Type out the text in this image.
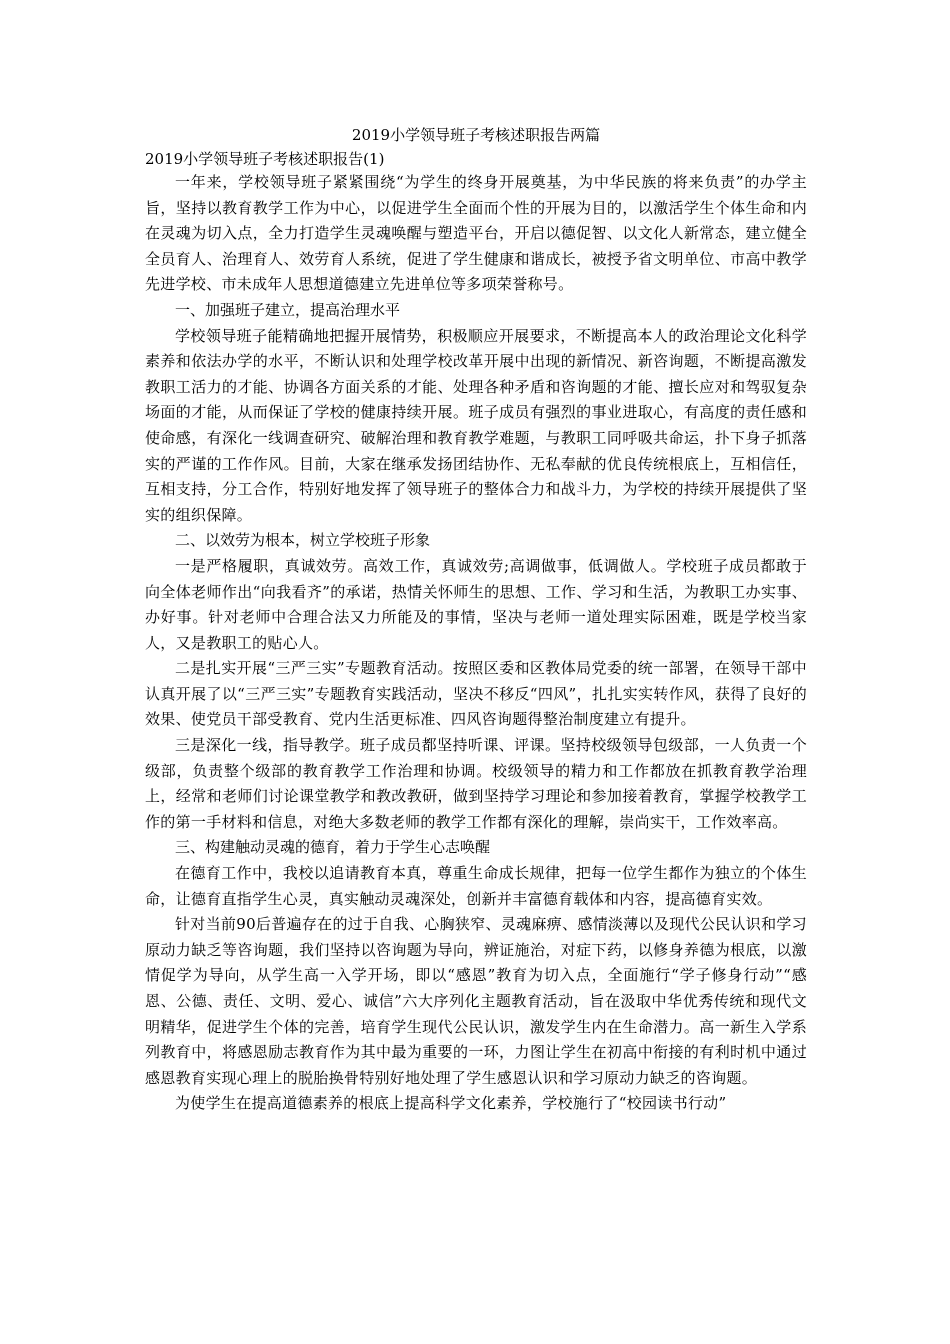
2019小学领导班子考核述职报告两篇
2019小学领导班子考核述职报告(1)

一年来，学校领导班子紧紧围绕“为学生的终身开展奠基，为中华民族的将来负责”的办学主旨，坚持以教育教学工作为中心，以促进学生全面而个性的开展为目的，以激活学生个体生命和内在灵魂为切入点，全力打造学生灵魂唤醒与塑造平台，开启以德促智、以文化人新常态，建立健全全员育人、治理育人、效劳育人系统，促进了学生健康和谐成长，被授予省文明单位、市高中教学先进学校、市未成年人思想道德建立先进单位等多项荣誉称号。

一、加强班子建立，提高治理水平

学校领导班子能精确地把握开展情势，积极顺应开展要求，不断提高本人的政治理论文化科学素养和依法办学的水平，不断认识和处理学校改革开展中出现的新情况、新咨询题，不断提高激发教职工活力的才能、协调各方面关系的才能、处理各种矛盾和咨询题的才能、擅长应对和驾驭复杂场面的才能，从而保证了学校的健康持续开展。班子成员有强烈的事业进取心，有高度的责任感和使命感，有深化一线调查研究、破解治理和教育教学难题，与教职工同呼吸共命运，扑下身子抓落实的严谨的工作作风。目前，大家在继承发扬团结协作、无私奉献的优良传统根底上，互相信任，互相支持，分工合作，特别好地发挥了领导班子的整体合力和战斗力，为学校的持续开展提供了坚实的组织保障。

二、以效劳为根本，树立学校班子形象

一是严格履职，真诚效劳。高效工作，真诚效劳;高调做事，低调做人。学校班子成员都敢于向全体老师作出“向我看齐”的承诺，热情关怀师生的思想、工作、学习和生活，为教职工办实事、办好事。针对老师中合理合法又力所能及的事情，坚决与老师一道处理实际困难，既是学校当家人，又是教职工的贴心人。

二是扎实开展“三严三实”专题教育活动。按照区委和区教体局党委的统一部署，在领导干部中认真开展了以“三严三实”专题教育实践活动，坚决不移反“四风”，扎扎实实转作风，获得了良好的效果、使党员干部受教育、党内生活更标准、四风咨询题得整治制度建立有提升。

三是深化一线，指导教学。班子成员都坚持听课、评课。坚持校级领导包级部，一人负责一个级部，负责整个级部的教育教学工作治理和协调。校级领导的精力和工作都放在抓教育教学治理上，经常和老师们讨论课堂教学和教改教研，做到坚持学习理论和参加接着教育，掌握学校教学工作的第一手材料和信息，对绝大多数老师的教学工作都有深化的理解，崇尚实干，工作效率高。

三、构建触动灵魂的德育，着力于学生心志唤醒

在德育工作中，我校以追请教育本真，尊重生命成长规律，把每一位学生都作为独立的个体生命，让德育直指学生心灵，真实触动灵魂深处，创新并丰富德育载体和内容，提高德育实效。

针对当前90后普遍存在的过于自我、心胸狭窄、灵魂麻痹、感情淡薄以及现代公民认识和学习原动力缺乏等咨询题，我们坚持以咨询题为导向，辨证施治，对症下药，以修身养德为根底，以激情促学为导向，从学生高一入学开场，即以“感恩”教育为切入点，全面施行“学子修身行动”“感恩、公德、责任、文明、爱心、诚信”六大序列化主题教育活动，旨在汲取中华优秀传统和现代文明精华，促进学生个体的完善，培育学生现代公民认识，激发学生内在生命潜力。高一新生入学系列教育中，将感恩励志教育作为其中最为重要的一环，力图让学生在初高中衔接的有利时机中通过感恩教育实现心理上的脱胎换骨特别好地处理了学生感恩认识和学习原动力缺乏的咨询题。

为使学生在提高道德素养的根底上提高科学文化素养，学校施行了“校园读书行动”
